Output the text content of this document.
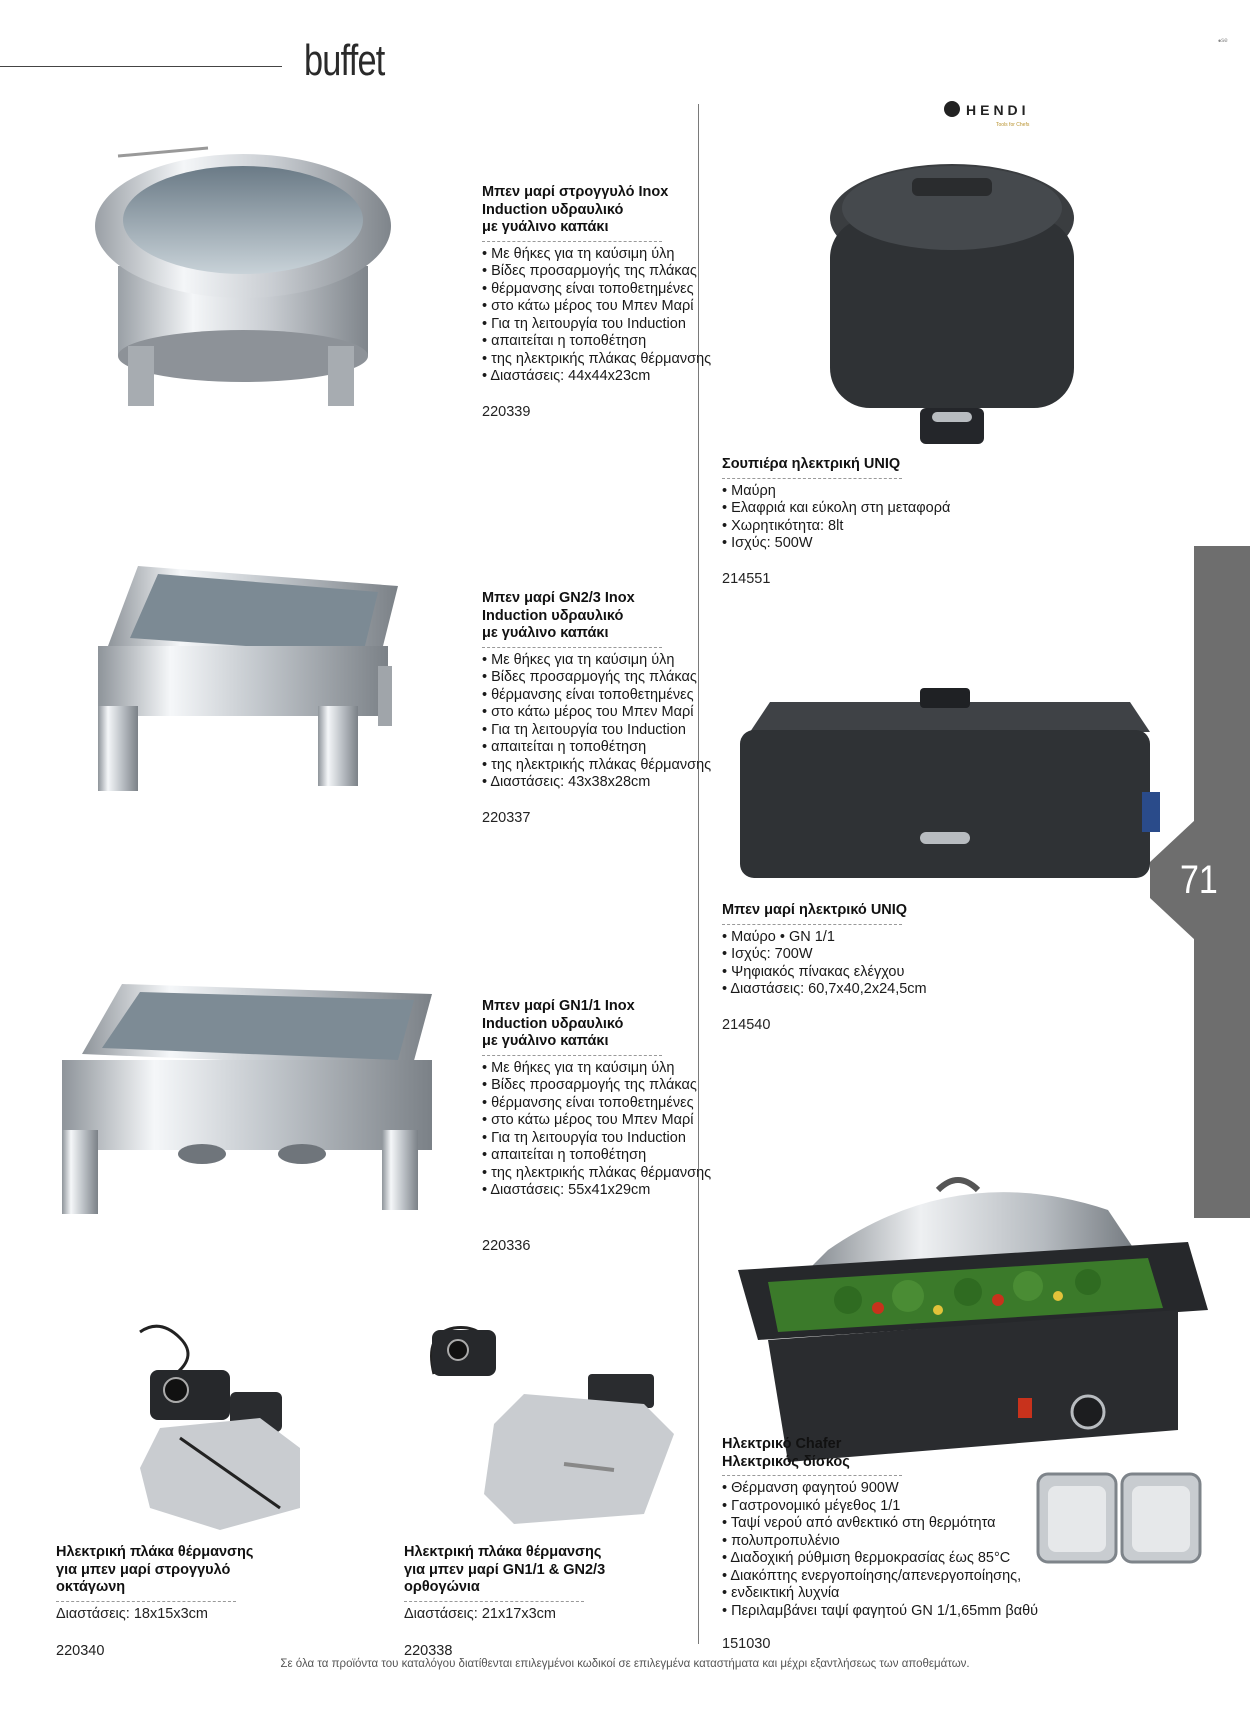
buffet	•ˢᵉ
HENDI
Tools for Chefs
71
Μπεν μαρί στρογγυλό Inox
Induction υδραυλικό
με γυάλινο καπάκι
• Με θήκες για τη καύσιμη ύλη
• Βίδες προσαρμογής της πλάκας
• θέρμανσης είναι τοποθετημένες
• στο κάτω μέρος του Μπεν Μαρί
• Για τη λειτουργία του Induction
• απαιτείται η τοποθέτηση
• της ηλεκτρικής πλάκας θέρμανσης
• Διαστάσεις: 44x44x23cm
220339
Μπεν μαρί GN2/3 Inox
Induction υδραυλικό
με γυάλινο καπάκι
• Με θήκες για τη καύσιμη ύλη
• Βίδες προσαρμογής της πλάκας
• θέρμανσης είναι τοποθετημένες
• στο κάτω μέρος του Μπεν Μαρί
• Για τη λειτουργία του Induction
• απαιτείται η τοποθέτηση
• της ηλεκτρικής πλάκας θέρμανσης
• Διαστάσεις: 43x38x28cm
220337
Μπεν μαρί GN1/1 Inox
Induction υδραυλικό
με γυάλινο καπάκι
• Με θήκες για τη καύσιμη ύλη
• Βίδες προσαρμογής της πλάκας
• θέρμανσης είναι τοποθετημένες
• στο κάτω μέρος του Μπεν Μαρί
• Για τη λειτουργία του Induction
• απαιτείται η τοποθέτηση
• της ηλεκτρικής πλάκας θέρμανσης
• Διαστάσεις: 55x41x29cm
220336
Σουπιέρα ηλεκτρική UNIQ
• Μαύρη
• Ελαφριά και εύκολη στη μεταφορά
• Χωρητικότητα: 8lt
• Ισχύς: 500W
214551
Μπεν μαρί ηλεκτρικό UNIQ
• Μαύρο • GN 1/1
• Ισχύς: 700W
• Ψηφιακός πίνακας ελέγχου
• Διαστάσεις: 60,7x40,2x24,5cm
214540
Ηλεκτρικό Chafer
Ηλεκτρικός δίσκος
• Θέρμανση φαγητού 900W
• Γαστρονομικό μέγεθος 1/1
• Ταψί νερού από ανθεκτικό στη θερμότητα
• πολυπροπυλένιο
• Διαδοχική ρύθμιση θερμοκρασίας έως 85°C
• Διακόπτης ενεργοποίησης/απενεργοποίησης,
• ενδεικτική λυχνία
• Περιλαμβάνει ταψί φαγητού GN 1/1,65mm βαθύ
151030
Ηλεκτρική πλάκα θέρμανσης
για μπεν μαρί στρογγυλό
οκτάγωνη
Διαστάσεις: 18x15x3cm
220340
Ηλεκτρική πλάκα θέρμανσης
για μπεν μαρί GN1/1 & GN2/3
ορθογώνια
Διαστάσεις: 21x17x3cm
220338
Σε όλα τα προϊόντα του καταλόγου διατίθενται επιλεγμένοι κωδικοί σε επιλεγμένα καταστήματα και μέχρι εξαντλήσεως των αποθεμάτων.
